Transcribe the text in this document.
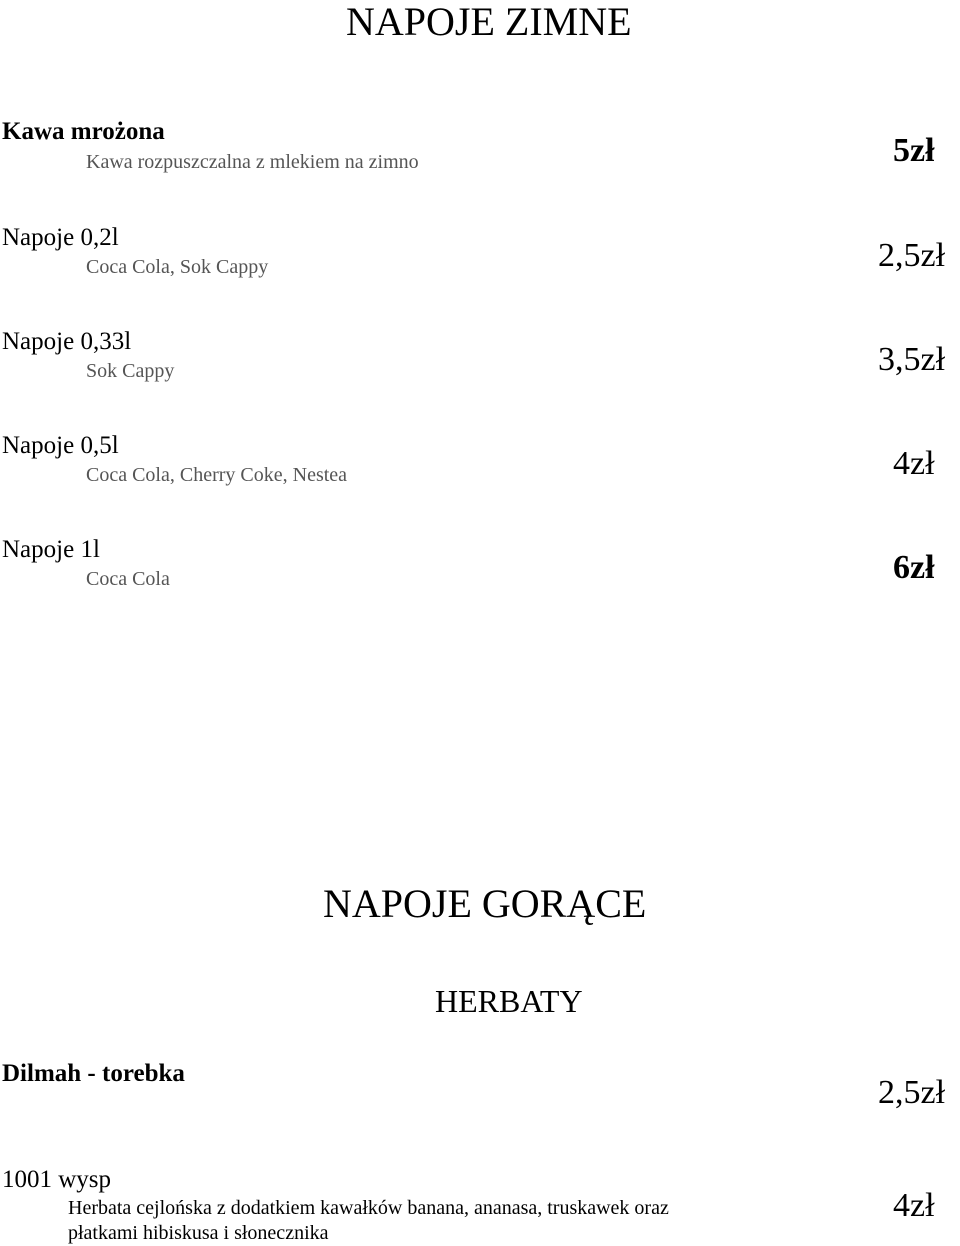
NAPOJE ZIMNE
Kawa mrożona
Kawa rozpuszczalna z mlekiem na zimno	5zł
Napoje 0,2l
Coca Cola, Sok Cappy	2,5zł
Napoje 0,33l
Sok Cappy	3,5zł
Napoje 0,5l
Coca Cola, Cherry Coke, Nestea	4zł
Napoje 1l
Coca Cola	6zł
NAPOJE GORĄCE
HERBATY
Dilmah - torebka
2,5zł
1001 wysp
Herbata cejlońska z dodatkiem kawałków banana, ananasa, truskawek oraz
płatkami hibiskusa i słonecznika
4zł
